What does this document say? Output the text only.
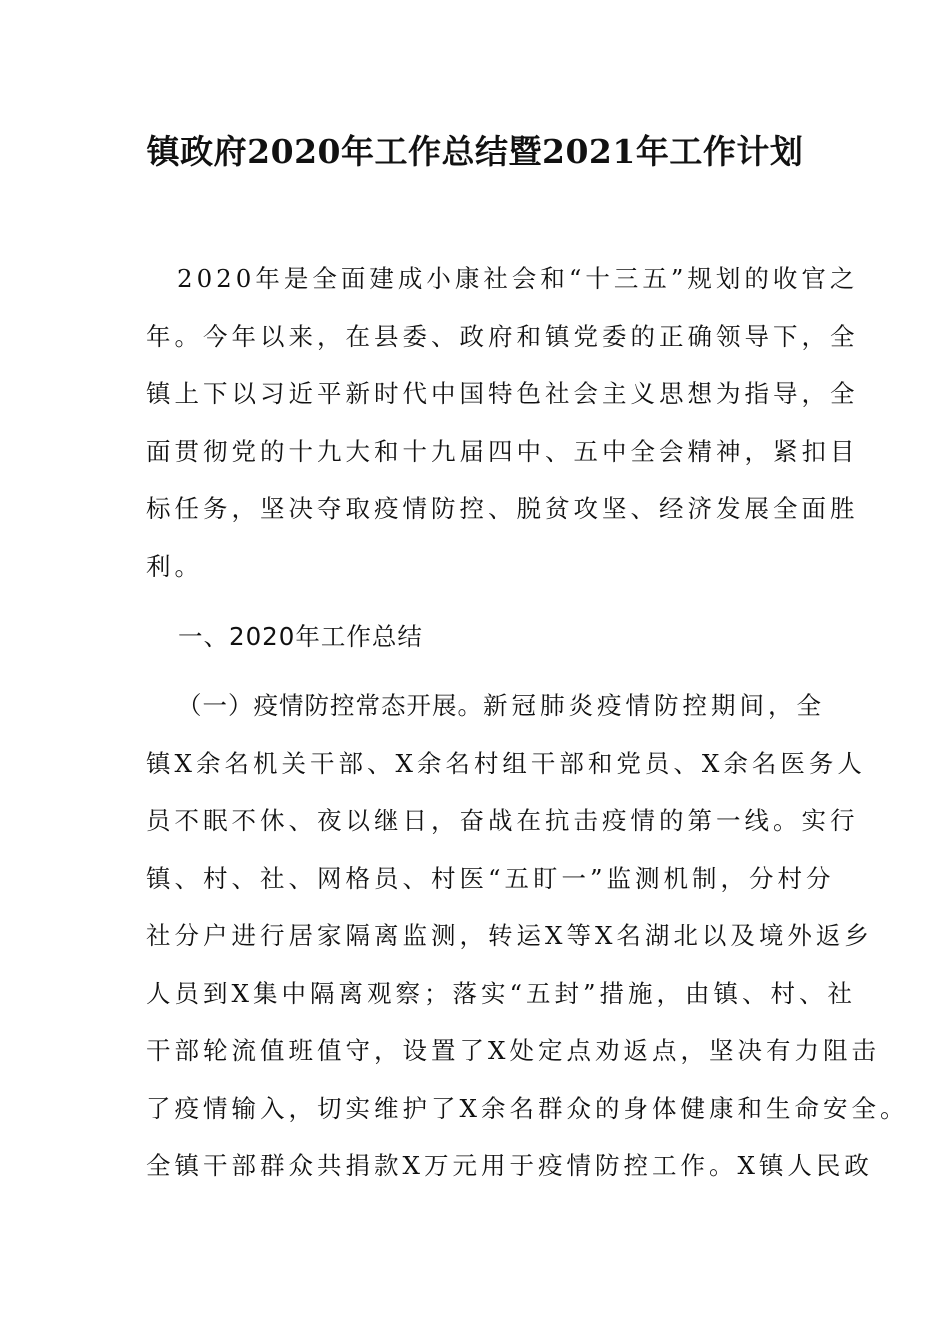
镇政府2020年工作总结暨2021年工作计划
2020年是全面建成小康社会和“十三五”规划的收官之
年。今年以来，在县委、政府和镇党委的正确领导下，全
镇上下以习近平新时代中国特色社会主义思想为指导，全
面贯彻党的十九大和十九届四中、五中全会精神，紧扣目
标任务，坚决夺取疫情防控、脱贫攻坚、经济发展全面胜
利。
一、2020年工作总结
（一）疫情防控常态开展。新冠肺炎疫情防控期间，全
镇X余名机关干部、X余名村组干部和党员、X余名医务人
员不眠不休、夜以继日，奋战在抗击疫情的第一线。实行
镇、村、社、网格员、村医“五盯一”监测机制，分村分
社分户进行居家隔离监测，转运X等X名湖北以及境外返乡
人员到X集中隔离观察；落实“五封”措施，由镇、村、社
干部轮流值班值守，设置了X处定点劝返点，坚决有力阻击
了疫情输入，切实维护了X余名群众的身体健康和生命安全。
全镇干部群众共捐款X万元用于疫情防控工作。X镇人民政
